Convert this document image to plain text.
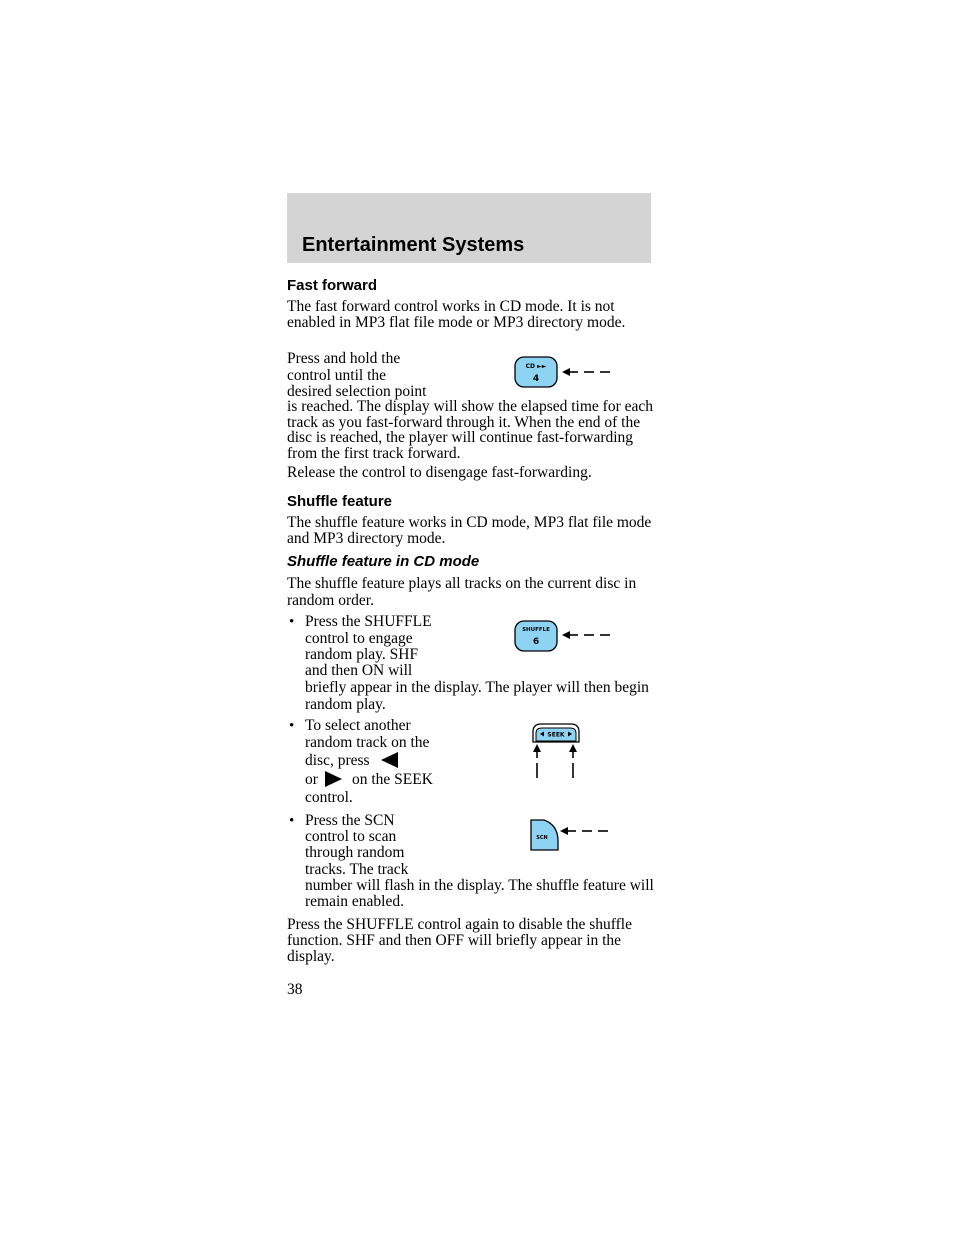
Entertainment Systems
Fast forward
The fast forward control works in CD mode. It is not enabled in MP3 flat file mode or MP3 directory mode.
Press and hold the
control until the
desired selection point
is reached. The display will show the elapsed time for each track as you fast-forward through it. When the end of the disc is reached, the player will continue fast-forwarding from the first track forward.
Release the control to disengage fast-forwarding.
CD ►►
4
Shuffle feature
The shuffle feature works in CD mode, MP3 flat file mode and MP3 directory mode.
Shuffle feature in CD mode
The shuffle feature plays all tracks on the current disc in random order.
• Press the SHUFFLE
control to engage
random play. SHF
and then ON will
briefly appear in the display. The player will then begin random play.
SHUFFLE
6
• To select another
random track on the
disc, press
or on the SEEK
control.
SEEK
• Press the SCN
control to scan
through random
tracks. The track
number will flash in the display. The shuffle feature will remain enabled.
SCN
Press the SHUFFLE control again to disable the shuffle function. SHF and then OFF will briefly appear in the display.
38
